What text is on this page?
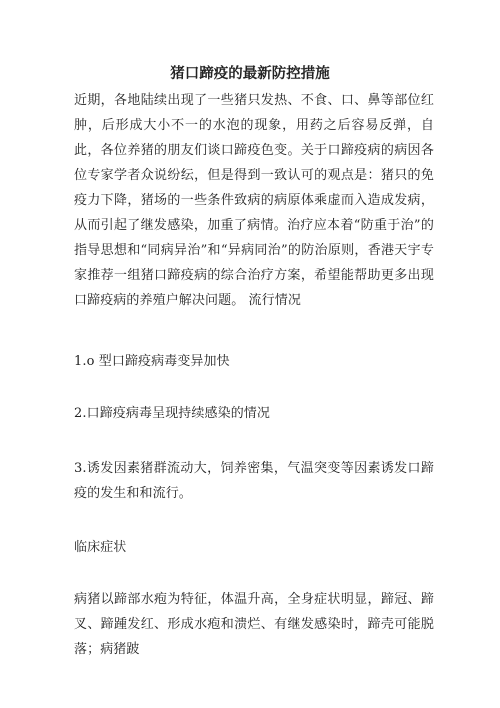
猪口蹄疫的最新防控措施
近期，各地陆续出现了一些猪只发热、不食、口、鼻等部位红肿，后形成大小不一的水泡的现象，用药之后容易反弹，自此，各位养猪的朋友们谈口蹄疫色变。关于口蹄疫病的病因各位专家学者众说纷纭，但是得到一致认可的观点是：猪只的免疫力下降，猪场的一些条件致病的病原体乘虚而入造成发病，从而引起了继发感染，加重了病情。治疗应本着“防重于治”的指导思想和“同病异治”和“异病同治”的防治原则，香港天宇专家推荐一组猪口蹄疫病的综合治疗方案，希望能帮助更多出现口蹄疫病的养殖户解决问题。 流行情况
1.o 型口蹄疫病毒变异加快
2.口蹄疫病毒呈现持续感染的情况
3.诱发因素猪群流动大，饲养密集，气温突变等因素诱发口蹄疫的发生和和流行。
临床症状
病猪以蹄部水疱为特征，体温升高，全身症状明显，蹄冠、蹄叉、蹄踵发红、形成水疱和溃烂、有继发感染时，蹄壳可能脱落；病猪跛
